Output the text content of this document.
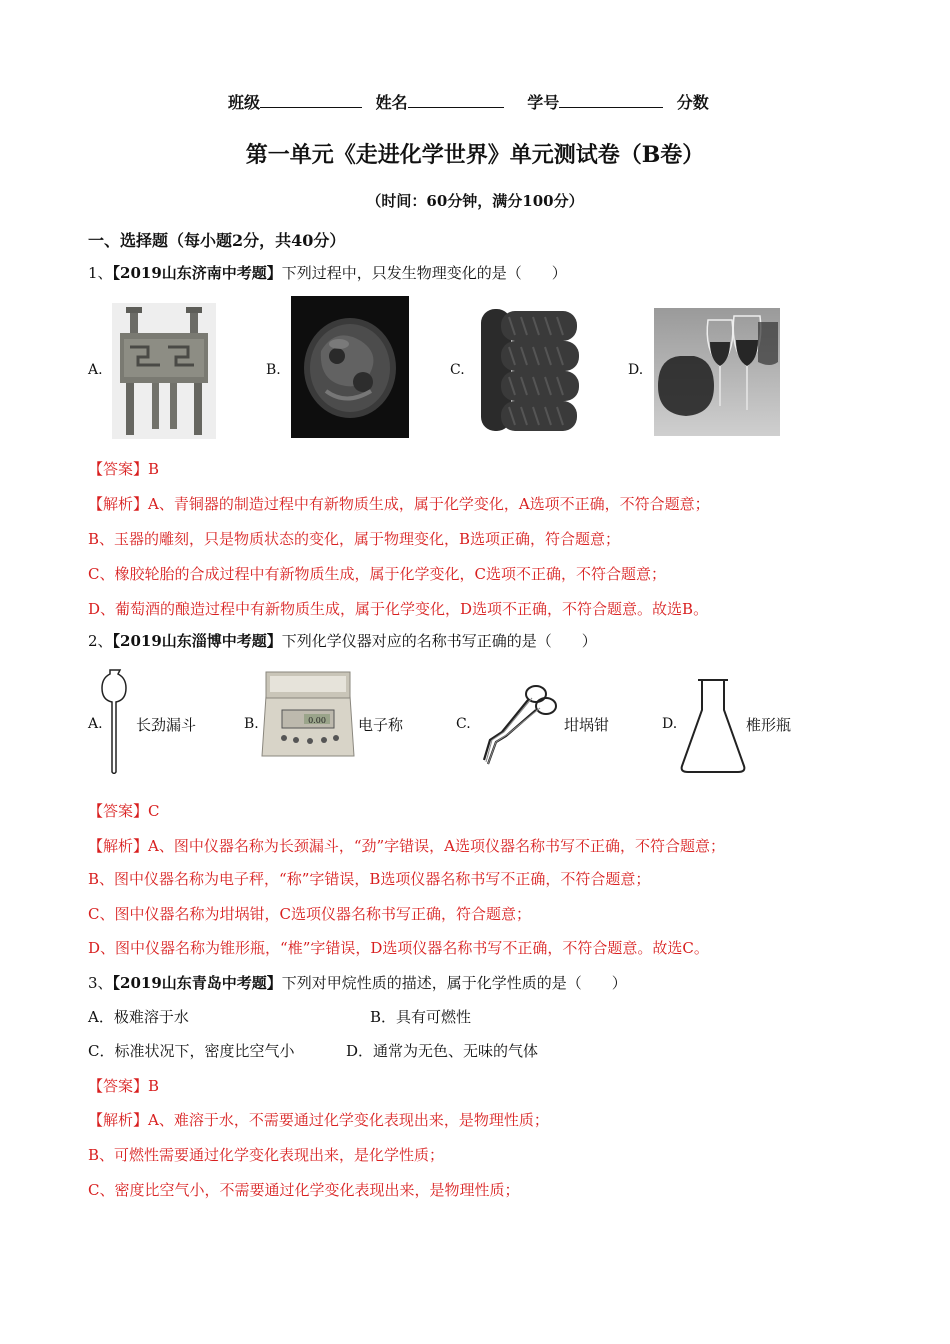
班级	姓名	学号	分数
第一单元《走进化学世界》单元测试卷（B卷）
（时间：60分钟，满分100分）
一、选择题（每小题2分，共40分）
1、【2019山东济南中考题】下列过程中，只发生物理变化的是（　　）
A.	B.	C.	D.
【答案】B
【解析】A、青铜器的制造过程中有新物质生成，属于化学变化，A选项不正确，不符合题意；
B、玉器的雕刻，只是物质状态的变化，属于物理变化，B选项正确，符合题意；
C、橡胶轮胎的合成过程中有新物质生成，属于化学变化，C选项不正确，不符合题意；
D、葡萄酒的酿造过程中有新物质生成，属于化学变化，D选项不正确，不符合题意。故选B。
2、【2019山东淄博中考题】下列化学仪器对应的名称书写正确的是（　　）
A. 长劲漏斗	B.	0.00 电子称	C.	坩埚钳	D.	椎形瓶
【答案】C
【解析】A、图中仪器名称为长颈漏斗，“劲”字错误，A选项仪器名称书写不正确，不符合题意；
B、图中仪器名称为电子秤，“称”字错误，B选项仪器名称书写不正确，不符合题意；
C、图中仪器名称为坩埚钳，C选项仪器名称书写正确，符合题意；
D、图中仪器名称为锥形瓶，“椎”字错误，D选项仪器名称书写不正确，不符合题意。故选C。
3、【2019山东青岛中考题】下列对甲烷性质的描述，属于化学性质的是（　　）
A．极难溶于水	B．具有可燃性
C．标准状况下，密度比空气小	D．通常为无色、无味的气体
【答案】B
【解析】A、难溶于水，不需要通过化学变化表现出来，是物理性质；
B、可燃性需要通过化学变化表现出来，是化学性质；
C、密度比空气小，不需要通过化学变化表现出来，是物理性质；
